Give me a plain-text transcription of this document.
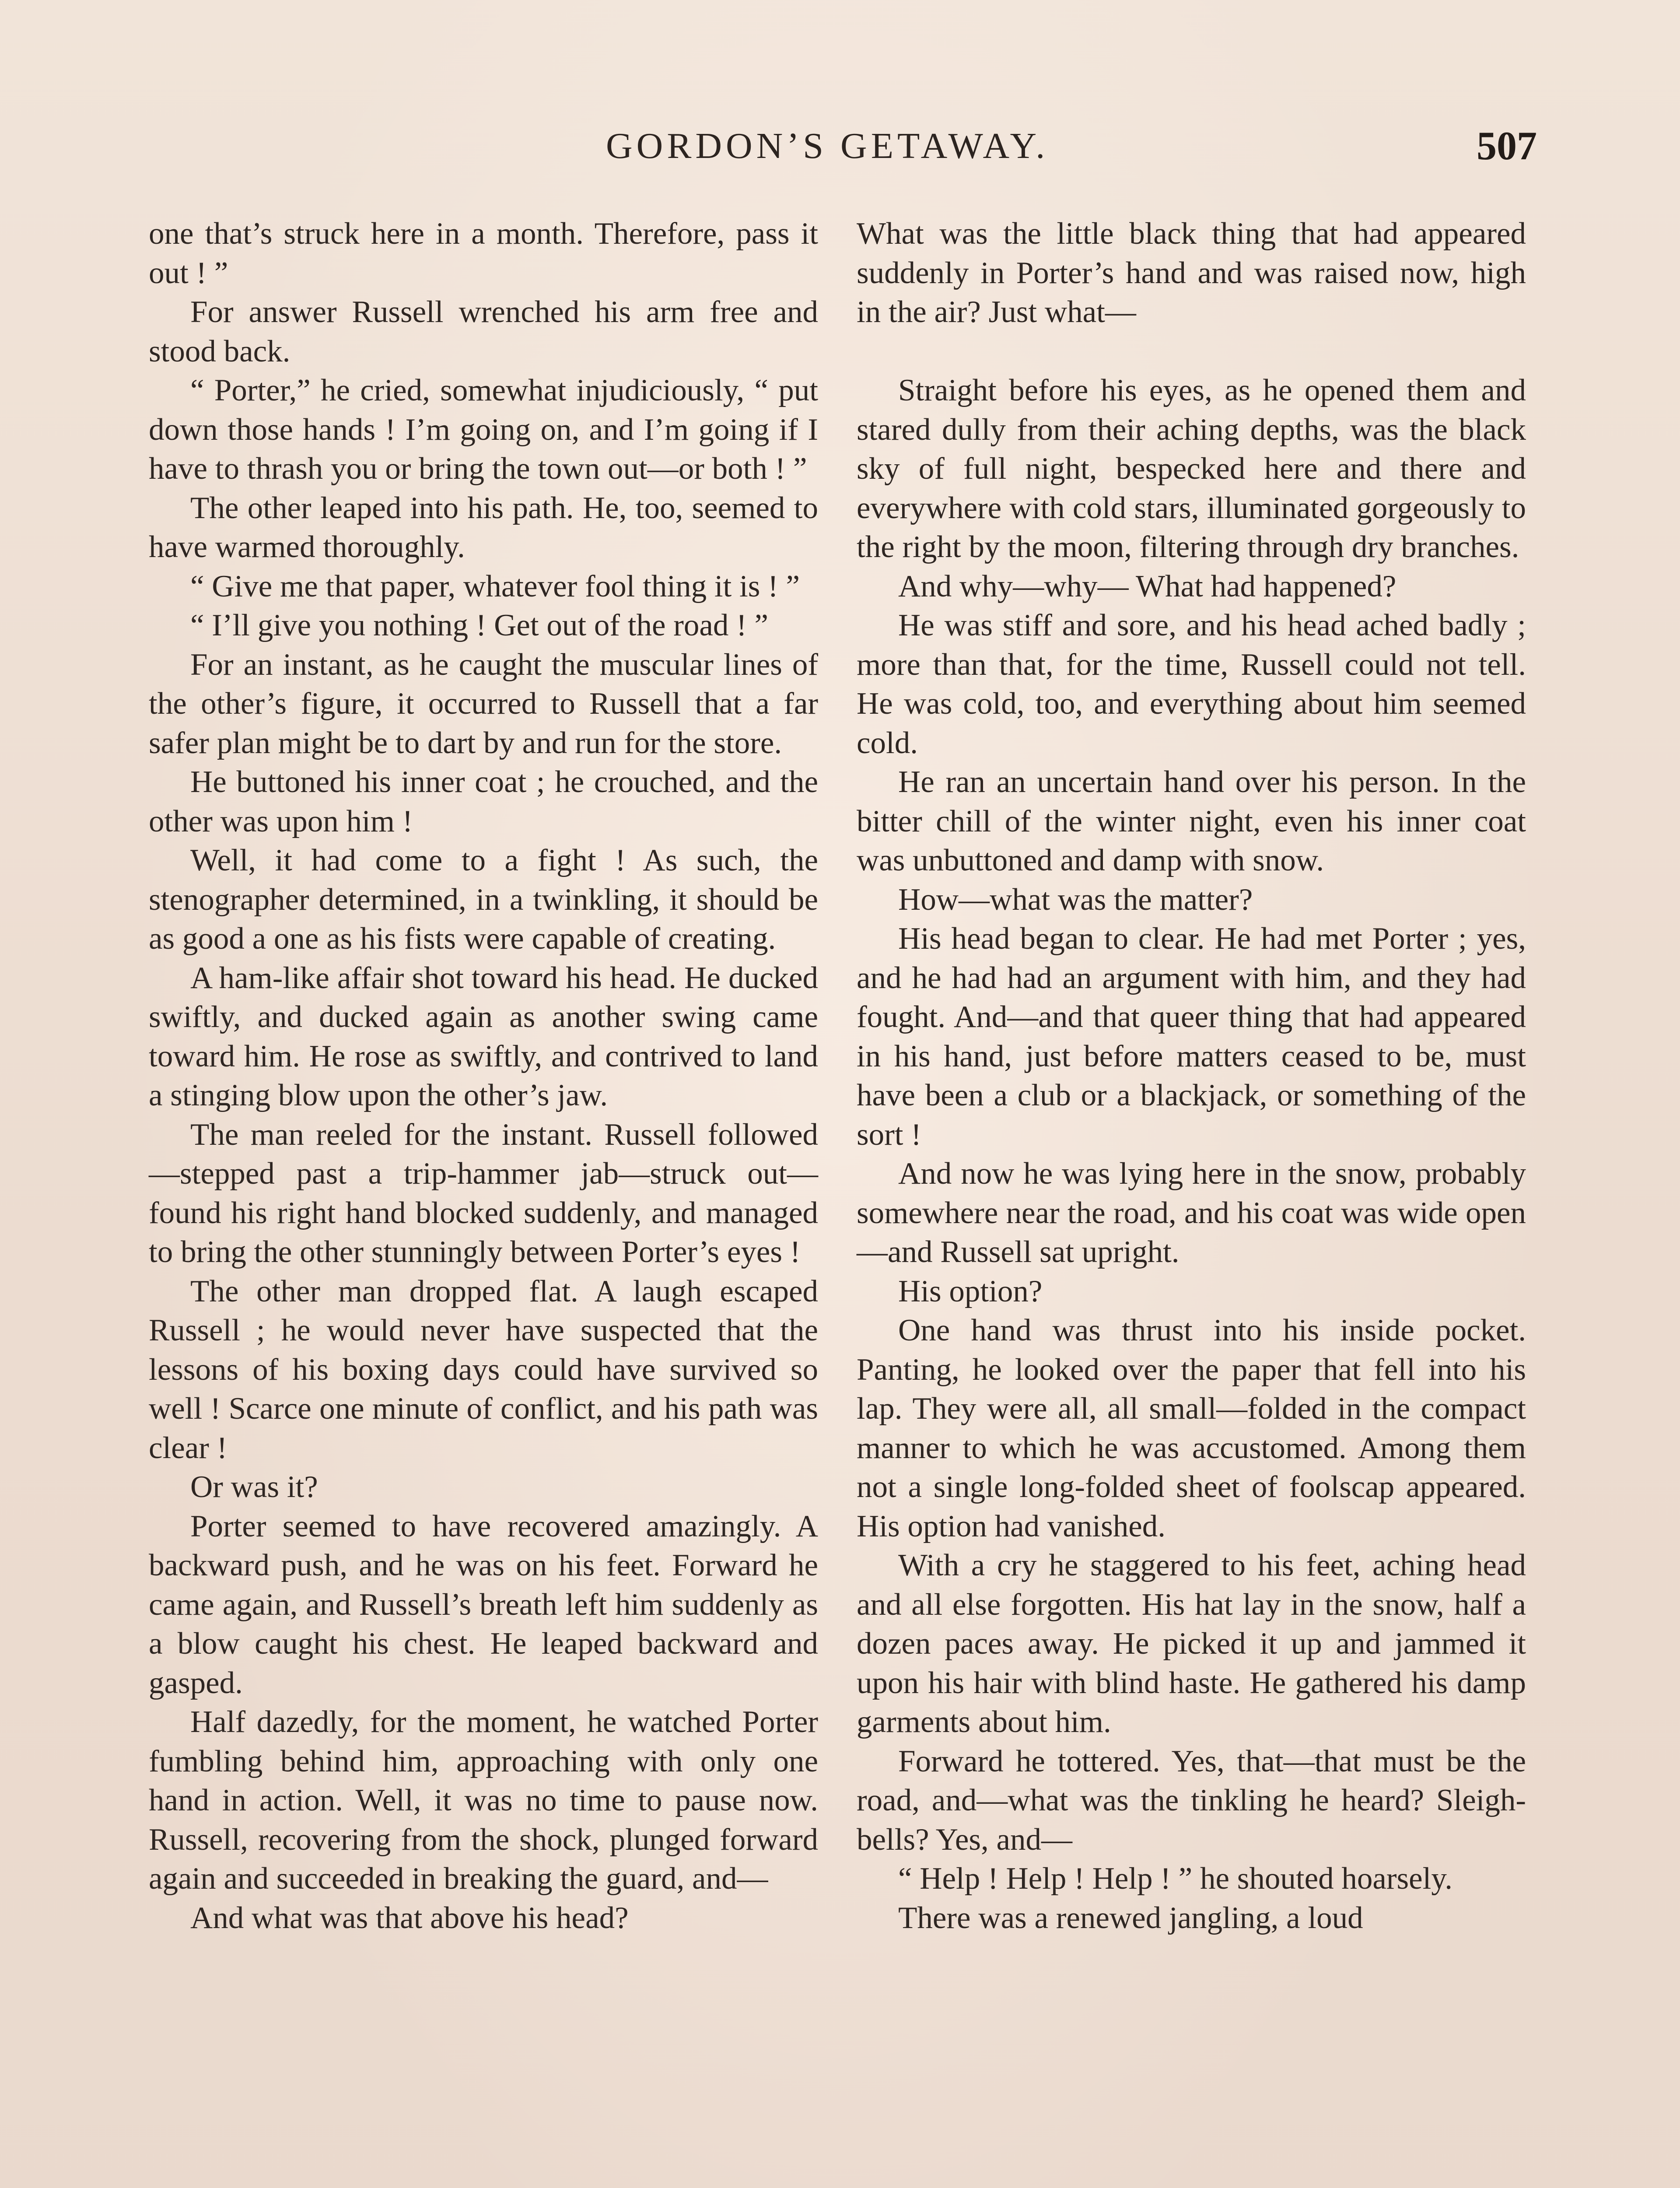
GORDON’S GETAWAY.	507

one that’s struck here in a month. Therefore, pass it out ! ”

For answer Russell wrenched his arm free and stood back.

“ Porter,” he cried, somewhat injudiciously, “ put down those hands ! I’m going on, and I’m going if I have to thrash you or bring the town out—or both ! ”

The other leaped into his path. He, too, seemed to have warmed thoroughly.

“ Give me that paper, whatever fool thing it is ! ”

“ I’ll give you nothing ! Get out of the road ! ”

For an instant, as he caught the muscular lines of the other’s figure, it occurred to Russell that a far safer plan might be to dart by and run for the store.

He buttoned his inner coat ; he crouched, and the other was upon him !

Well, it had come to a fight ! As such, the stenographer determined, in a twinkling, it should be as good a one as his fists were capable of creating.

A ham-like affair shot toward his head. He ducked swiftly, and ducked again as another swing came toward him. He rose as swiftly, and contrived to land a stinging blow upon the other’s jaw.

The man reeled for the instant. Russell followed—stepped past a trip-hammer jab—struck out—found his right hand blocked suddenly, and managed to bring the other stunningly between Porter’s eyes !

The other man dropped flat. A laugh escaped Russell ; he would never have suspected that the lessons of his boxing days could have survived so well ! Scarce one minute of conflict, and his path was clear !

Or was it?

Porter seemed to have recovered amazingly. A backward push, and he was on his feet. Forward he came again, and Russell’s breath left him suddenly as a blow caught his chest. He leaped backward and gasped.

Half dazedly, for the moment, he watched Porter fumbling behind him, approaching with only one hand in action. Well, it was no time to pause now. Russell, recovering from the shock, plunged forward again and succeeded in breaking the guard, and—

And what was that above his head?

What was the little black thing that had appeared suddenly in Porter’s hand and was raised now, high in the air? Just what—

Straight before his eyes, as he opened them and stared dully from their aching depths, was the black sky of full night, bespecked here and there and everywhere with cold stars, illuminated gorgeously to the right by the moon, filtering through dry branches.

And why—why— What had happened?

He was stiff and sore, and his head ached badly ; more than that, for the time, Russell could not tell. He was cold, too, and everything about him seemed cold.

He ran an uncertain hand over his person. In the bitter chill of the winter night, even his inner coat was unbuttoned and damp with snow.

How—what was the matter?

His head began to clear. He had met Porter ; yes, and he had had an argument with him, and they had fought. And—and that queer thing that had appeared in his hand, just before matters ceased to be, must have been a club or a blackjack, or something of the sort !

And now he was lying here in the snow, probably somewhere near the road, and his coat was wide open—and Russell sat upright.

His option?

One hand was thrust into his inside pocket. Panting, he looked over the paper that fell into his lap. They were all, all small—folded in the compact manner to which he was accustomed. Among them not a single long-folded sheet of foolscap appeared. His option had vanished.

With a cry he staggered to his feet, aching head and all else forgotten. His hat lay in the snow, half a dozen paces away. He picked it up and jammed it upon his hair with blind haste. He gathered his damp garments about him.

Forward he tottered. Yes, that—that must be the road, and—what was the tinkling he heard? Sleigh-bells? Yes, and—

“ Help ! Help ! Help ! ” he shouted hoarsely.

There was a renewed jangling, a loud
